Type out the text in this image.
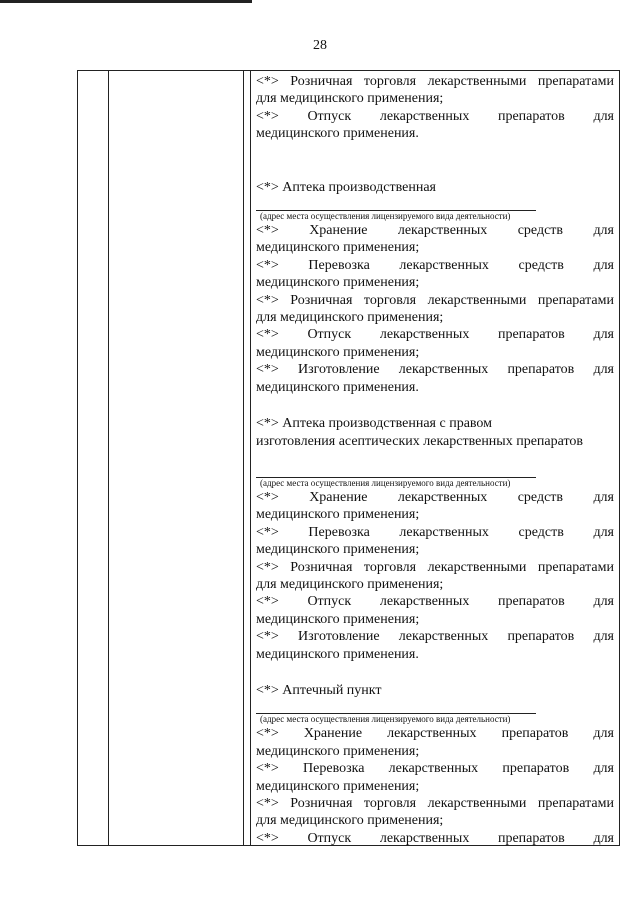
28
<*> Розничная торговля лекарственными препаратами
для медицинского применения;
<*> Отпуск лекарственных препаратов для
медицинского применения.
<*> Аптека производственная
(адрес места осуществления лицензируемого вида деятельности)
<*> Хранение лекарственных средств для
медицинского применения;
<*> Перевозка лекарственных средств для
медицинского применения;
<*> Розничная торговля лекарственными препаратами
для медицинского применения;
<*> Отпуск лекарственных препаратов для
медицинского применения;
<*> Изготовление лекарственных препаратов для
медицинского применения.
<*> Аптека производственная с правом
изготовления асептических лекарственных препаратов
(адрес места осуществления лицензируемого вида деятельности)
<*> Хранение лекарственных средств для
медицинского применения;
<*> Перевозка лекарственных средств для
медицинского применения;
<*> Розничная торговля лекарственными препаратами
для медицинского применения;
<*> Отпуск лекарственных препаратов для
медицинского применения;
<*> Изготовление лекарственных препаратов для
медицинского применения.
<*> Аптечный пункт
(адрес места осуществления лицензируемого вида деятельности)
<*> Хранение лекарственных препаратов для
медицинского применения;
<*> Перевозка лекарственных препаратов для
медицинского применения;
<*> Розничная торговля лекарственными препаратами
для медицинского применения;
<*> Отпуск лекарственных препаратов для
